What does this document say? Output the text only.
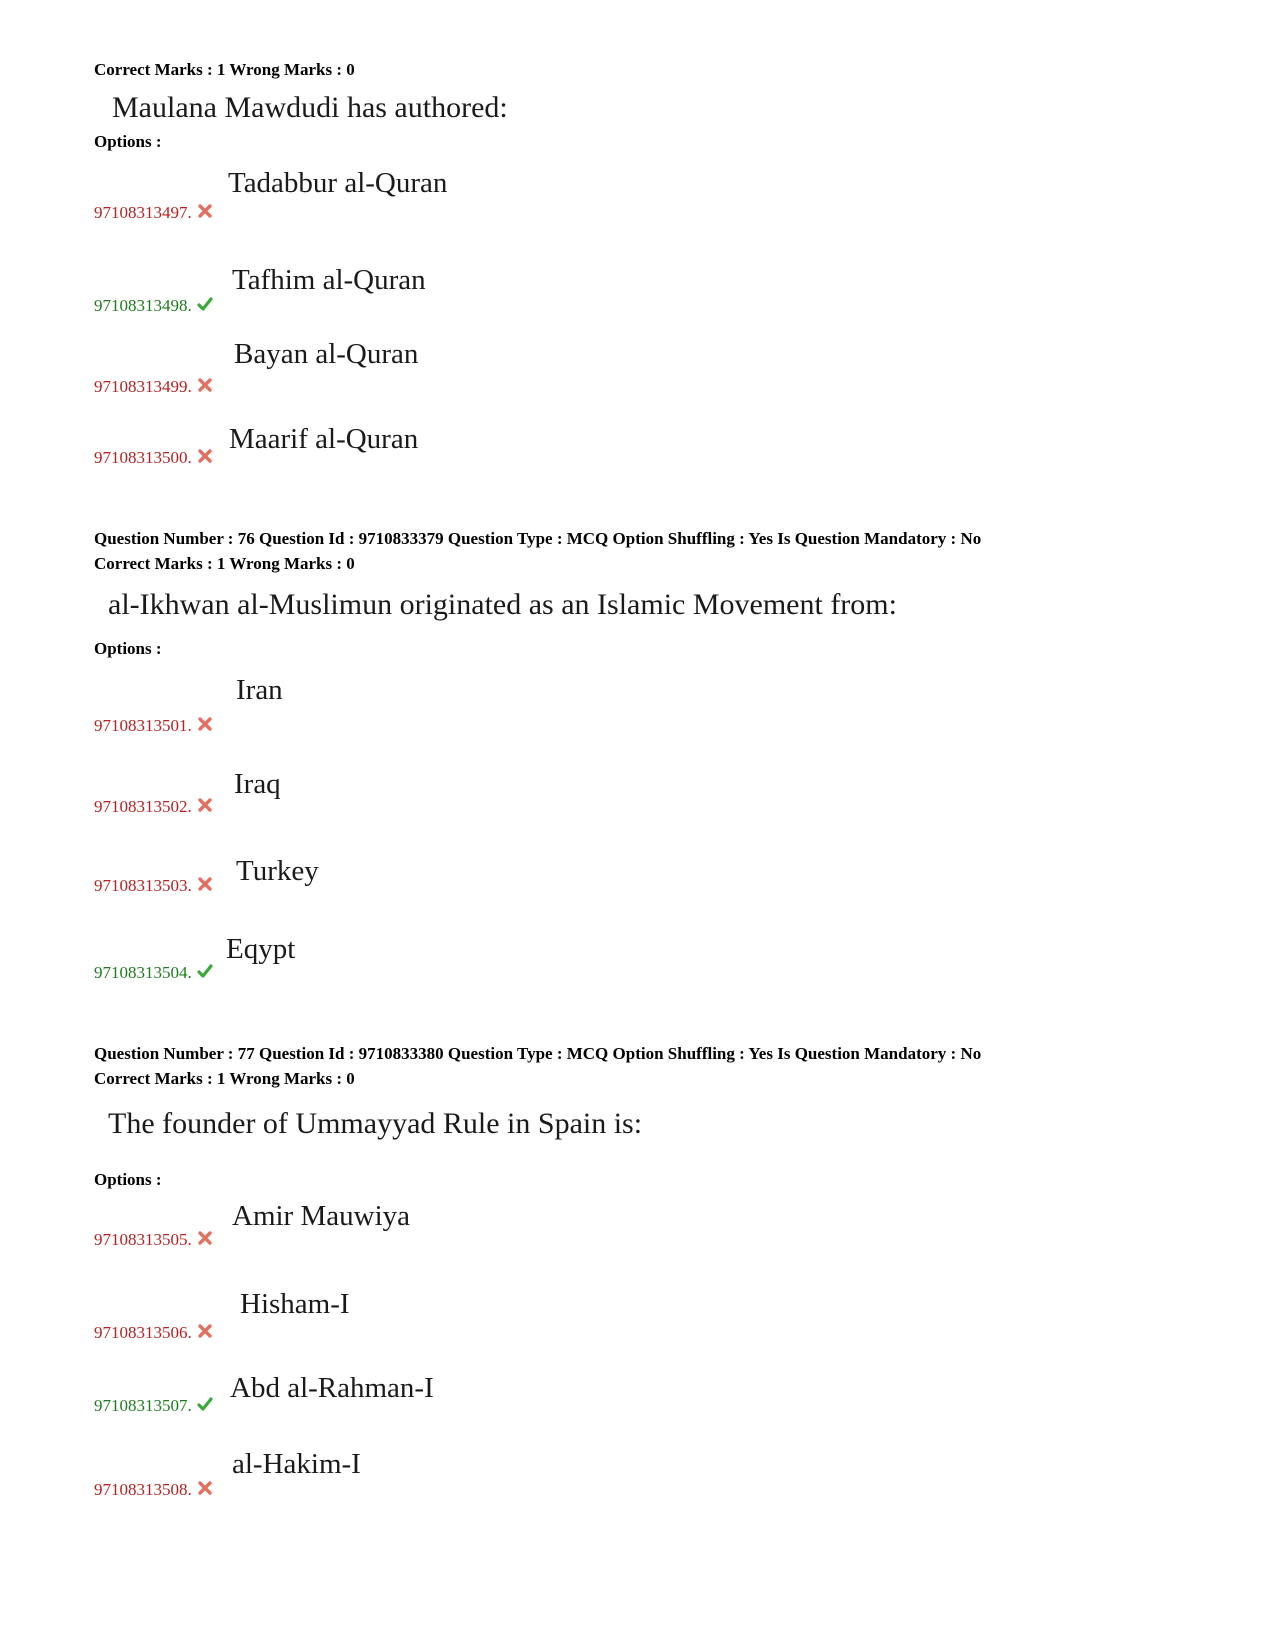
Correct Marks : 1 Wrong Marks : 0
Maulana Mawdudi has authored:
Options :
Tadabbur al-Quran
97108313497.
Tafhim al-Quran
97108313498.
Bayan al-Quran
97108313499.
Maarif al-Quran
97108313500.
Question Number : 76 Question Id : 9710833379 Question Type : MCQ Option Shuffling : Yes Is Question Mandatory : No
Correct Marks : 1 Wrong Marks : 0
al-Ikhwan al-Muslimun originated as an Islamic Movement from:
Options :
Iran
97108313501.
Iraq
97108313502.
Turkey
97108313503.
Eqypt
97108313504.
Question Number : 77 Question Id : 9710833380 Question Type : MCQ Option Shuffling : Yes Is Question Mandatory : No
Correct Marks : 1 Wrong Marks : 0
The founder of Ummayyad Rule in Spain is:
Options :
Amir Mauwiya
97108313505.
Hisham-I
97108313506.
Abd al-Rahman-I
97108313507.
al-Hakim-I
97108313508.
